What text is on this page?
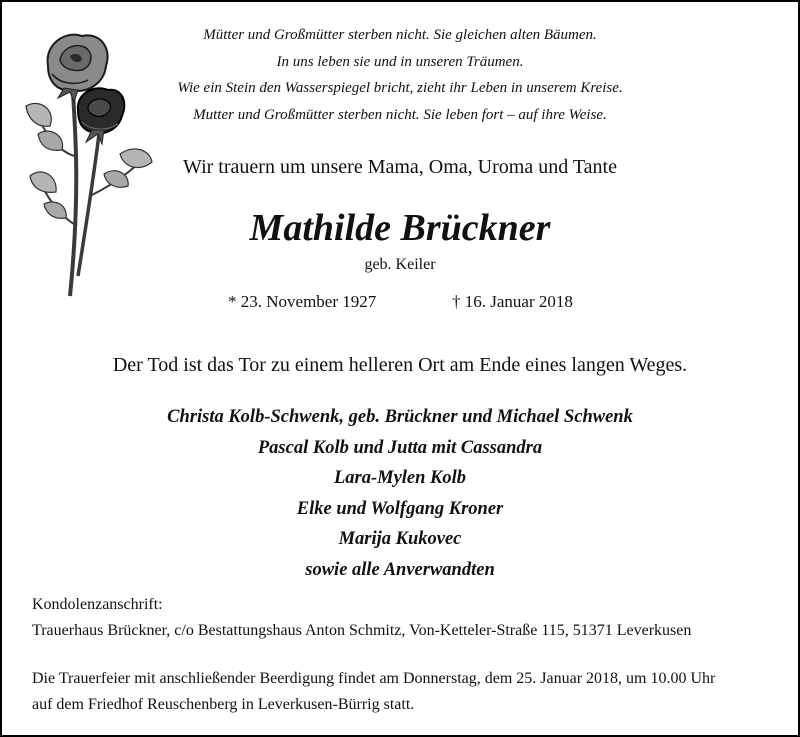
Mütter und Großmütter sterben nicht. Sie gleichen alten Bäumen.
In uns leben sie und in unseren Träumen.
Wie ein Stein den Wasserspiegel bricht, zieht ihr Leben in unserem Kreise.
Mutter und Großmütter sterben nicht. Sie leben fort – auf ihre Weise.
Wir trauern um unsere Mama, Oma, Uroma und Tante
Mathilde Brückner
geb. Keiler
* 23. November 1927	† 16. Januar 2018
Der Tod ist das Tor zu einem helleren Ort am Ende eines langen Weges.
Christa Kolb-Schwenk, geb. Brückner und Michael Schwenk
Pascal Kolb und Jutta mit Cassandra
Lara-Mylen Kolb
Elke und Wolfgang Kroner
Marija Kukovec
sowie alle Anverwandten
Kondolenzanschrift:
Trauerhaus Brückner, c/o Bestattungshaus Anton Schmitz, Von-Ketteler-Straße 115, 51371 Leverkusen
Die Trauerfeier mit anschließender Beerdigung findet am Donnerstag, dem 25. Januar 2018, um 10.00 Uhr
auf dem Friedhof Reuschenberg in Leverkusen-Bürrig statt.
